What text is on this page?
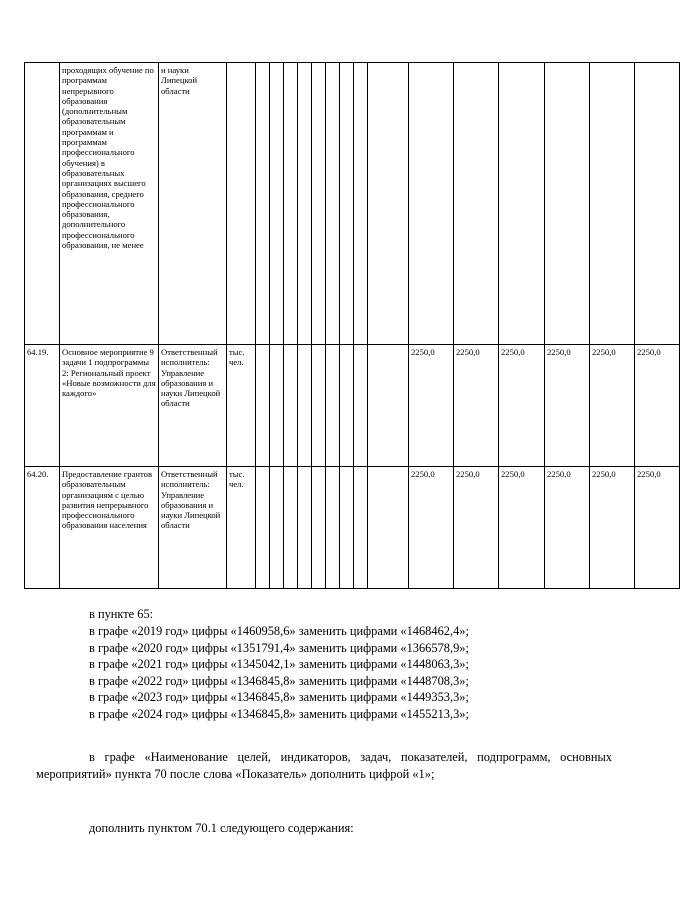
	проходящих обучение по программам непрерывного образования (дополнительным образовательным программам и программам профессионального обучения) в образовательных организациях высшего образования, среднего профессионального образования, дополнительного профессионального образования, не менее	и науки Липецкой области																
64.19.	Основное мероприятие 9 задачи 1 подпрограммы 2: Региональный проект «Новые возможности для каждого»	Ответственный исполнитель: Управление образования и науки Липецкой области	тыс. чел.										2250,0	2250,0	2250,0	2250,0	2250,0	2250,0
64.20.	Предоставление грантов образовательным организациям с целью развития непрерывного профессионального образования населения	Ответственный исполнитель: Управление образования и науки Липецкой области	тыс. чел.										2250,0	2250,0	2250,0	2250,0	2250,0	2250,0

в пункте 65:

в графе «2019 год» цифры «1460958,6» заменить цифрами «1468462,4»;
в графе «2020 год» цифры «1351791,4» заменить цифрами «1366578,9»;
в графе «2021 год» цифры «1345042,1» заменить цифрами «1448063,3»;
в графе «2022 год» цифры «1346845,8» заменить цифрами «1448708,3»;
в графе «2023 год» цифры «1346845,8» заменить цифрами «1449353,3»;
в графе «2024 год» цифры «1346845,8» заменить цифрами «1455213,3»;

в графе «Наименование целей, индикаторов, задач, показателей, подпрограмм, основных мероприятий» пункта 70 после слова «Показатель» дополнить цифрой «1»;

дополнить пунктом 70.1 следующего содержания:
